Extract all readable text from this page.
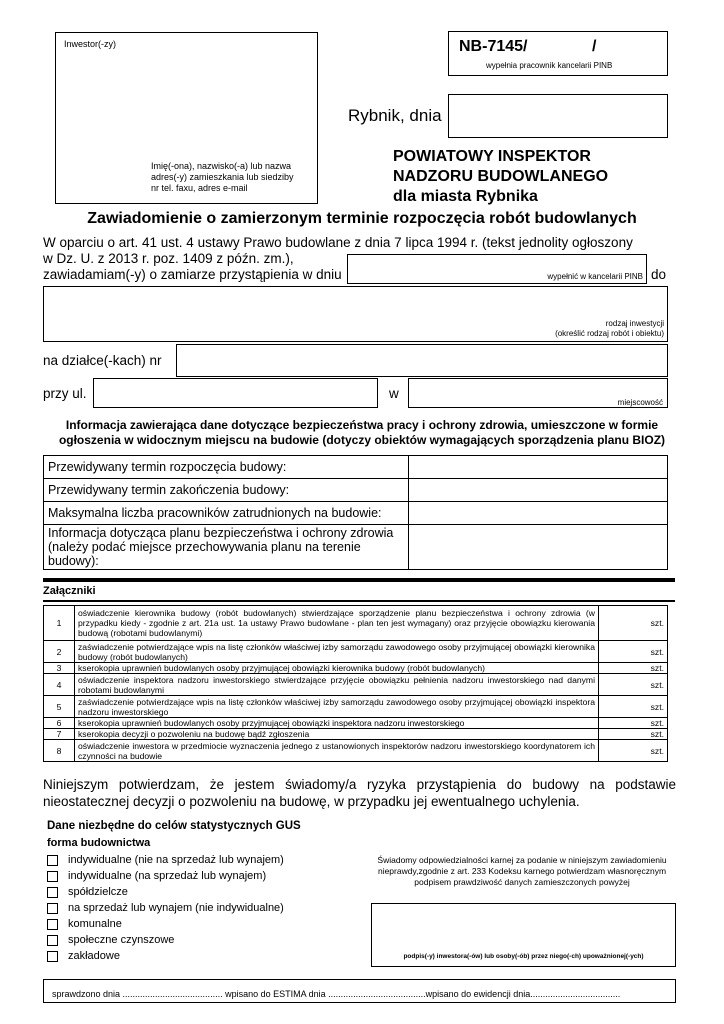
Inwestor(-zy)
Imię(-ona), nazwisko(-a) lub nazwa
adres(-y) zamieszkania lub siedziby
nr tel. faxu, adres e-mail
NB-7145/	/
wypełnia pracownik kancelarii PINB
Rybnik, dnia
POWIATOWY INSPEKTOR
NADZORU BUDOWLANEGO
dla miasta Rybnika
Zawiadomienie o zamierzonym terminie rozpoczęcia robót budowlanych
W oparciu o art. 41 ust. 4 ustawy Prawo budowlane z dnia 7 lipca 1994 r. (tekst jednolity ogłoszony
w Dz. U. z 2013 r. poz. 1409 z późn. zm.),
zawiadamiam(-y) o zamiarze przystąpienia w dniu	wypełnić w kancelarii PINB do
rodzaj inwestycji
(określić rodzaj robót i obiektu)
na działce(-kach) nr
przy ul.	w
miejscowość
Informacja zawierająca dane dotyczące bezpieczeństwa pracy i ochrony zdrowia, umieszczone w formie
ogłoszenia w widocznym miejscu na budowie (dotyczy obiektów wymagających sporządzenia planu BIOZ)
Przewidywany termin rozpoczęcia budowy:	
Przewidywany termin zakończenia budowy:	
Maksymalna liczba pracowników zatrudnionych na budowie:	
Informacja dotycząca planu bezpieczeństwa i ochrony zdrowia (należy podać miejsce przechowywania planu na terenie budowy):	
Załączniki
1	oświadczenie kierownika budowy (robót budowlanych) stwierdzające sporządzenie planu bezpieczeństwa i ochrony zdrowia (w przypadku kiedy - zgodnie z art. 21a ust. 1a ustawy Prawo budowlane - plan ten jest wymagany) oraz przyjęcie obowiązku kierowania budową (robotami budowlanymi)	szt.
2	zaświadczenie potwierdzające wpis na listę członków właściwej izby samorządu zawodowego osoby przyjmującej obowiązki kierownika budowy (robót budowlanych)	szt.
3	kserokopia uprawnień budowlanych osoby przyjmującej obowiązki kierownika budowy (robót budowlanych)	szt.
4	oświadczenie inspektora nadzoru inwestorskiego stwierdzające przyjęcie obowiązku pełnienia nadzoru inwestorskiego nad danymi robotami budowlanymi	szt.
5	zaświadczenie potwierdzające wpis na listę członków właściwej izby samorządu zawodowego osoby przyjmującej obowiązki inspektora nadzoru inwestorskiego	szt.
6	kserokopia uprawnień budowlanych osoby przyjmującej obowiązki inspektora nadzoru inwestorskiego	szt.
7	kserokopia decyzji o pozwoleniu na budowę bądź zgłoszenia	szt.
8	oświadczenie inwestora w przedmiocie wyznaczenia jednego z ustanowionych inspektorów nadzoru inwestorskiego koordynatorem ich czynności na budowie	szt.
Niniejszym potwierdzam, że jestem świadomy/a ryzyka przystąpienia do budowy na podstawie nieostatecznej decyzji o pozwoleniu na budowę, w przypadku jej ewentualnego uchylenia.
Dane niezbędne do celów statystycznych GUS
forma budownictwa
indywidualne (nie na sprzedaż lub wynajem)
indywidualne (na sprzedaż lub wynajem)
spółdzielcze
na sprzedaż lub wynajem (nie indywidualne)
komunalne
społeczne czynszowe
zakładowe
Świadomy odpowiedzialności karnej za podanie w niniejszym zawiadomieniu
nieprawdy,zgodnie z art. 233 Kodeksu karnego potwierdzam własnoręcznym
podpisem prawdziwość danych zamieszczonych powyżej
podpis(-y) inwestora(-ów) lub osoby(-ób) przez niego(-ch) upoważnionej(-ych)
sprawdzono dnia ........................................ wpisano do ESTIMA dnia .......................................wpisano do ewidencji dnia....................................
